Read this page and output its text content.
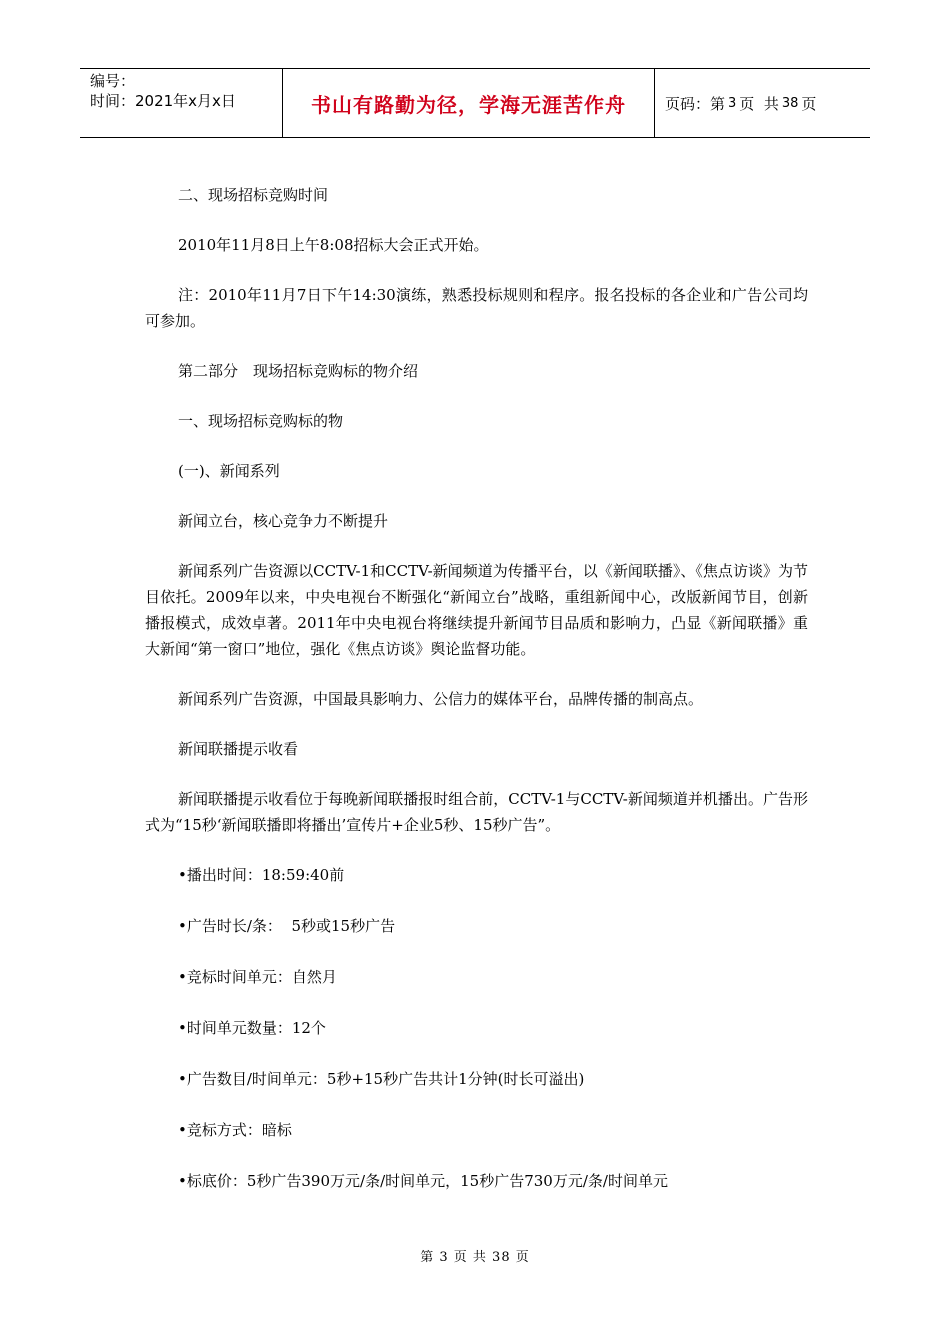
编号：
时间：2021年x月x日	书山有路勤为径，学海无涯苦作舟	页码：第 3 页  共 38 页

二、现场招标竞购时间

2010年11月8日上午8:08招标大会正式开始。

注：2010年11月7日下午14:30演练，熟悉投标规则和程序。报名投标的各企业和广告公司均可参加。

第二部分　现场招标竞购标的物介绍

一、现场招标竞购标的物

(一)、新闻系列

新闻立台，核心竞争力不断提升

新闻系列广告资源以CCTV-1和CCTV-新闻频道为传播平台，以《新闻联播》、《焦点访谈》为节目依托。2009年以来，中央电视台不断强化“新闻立台”战略，重组新闻中心，改版新闻节目，创新播报模式，成效卓著。2011年中央电视台将继续提升新闻节目品质和影响力，凸显《新闻联播》重大新闻“第一窗口”地位，强化《焦点访谈》舆论监督功能。

新闻系列广告资源，中国最具影响力、公信力的媒体平台，品牌传播的制高点。

新闻联播提示收看

新闻联播提示收看位于每晚新闻联播报时组合前，CCTV-1与CCTV-新闻频道并机播出。广告形式为“15秒‘新闻联播即将播出’宣传片+企业5秒、15秒广告”。

•播出时间：18:59:40前

•广告时长/条：  5秒或15秒广告

•竞标时间单元：自然月

•时间单元数量：12个

•广告数目/时间单元：5秒+15秒广告共计1分钟(时长可溢出)

•竞标方式：暗标

•标底价：5秒广告390万元/条/时间单元，15秒广告730万元/条/时间单元

第 3 页 共 38 页
